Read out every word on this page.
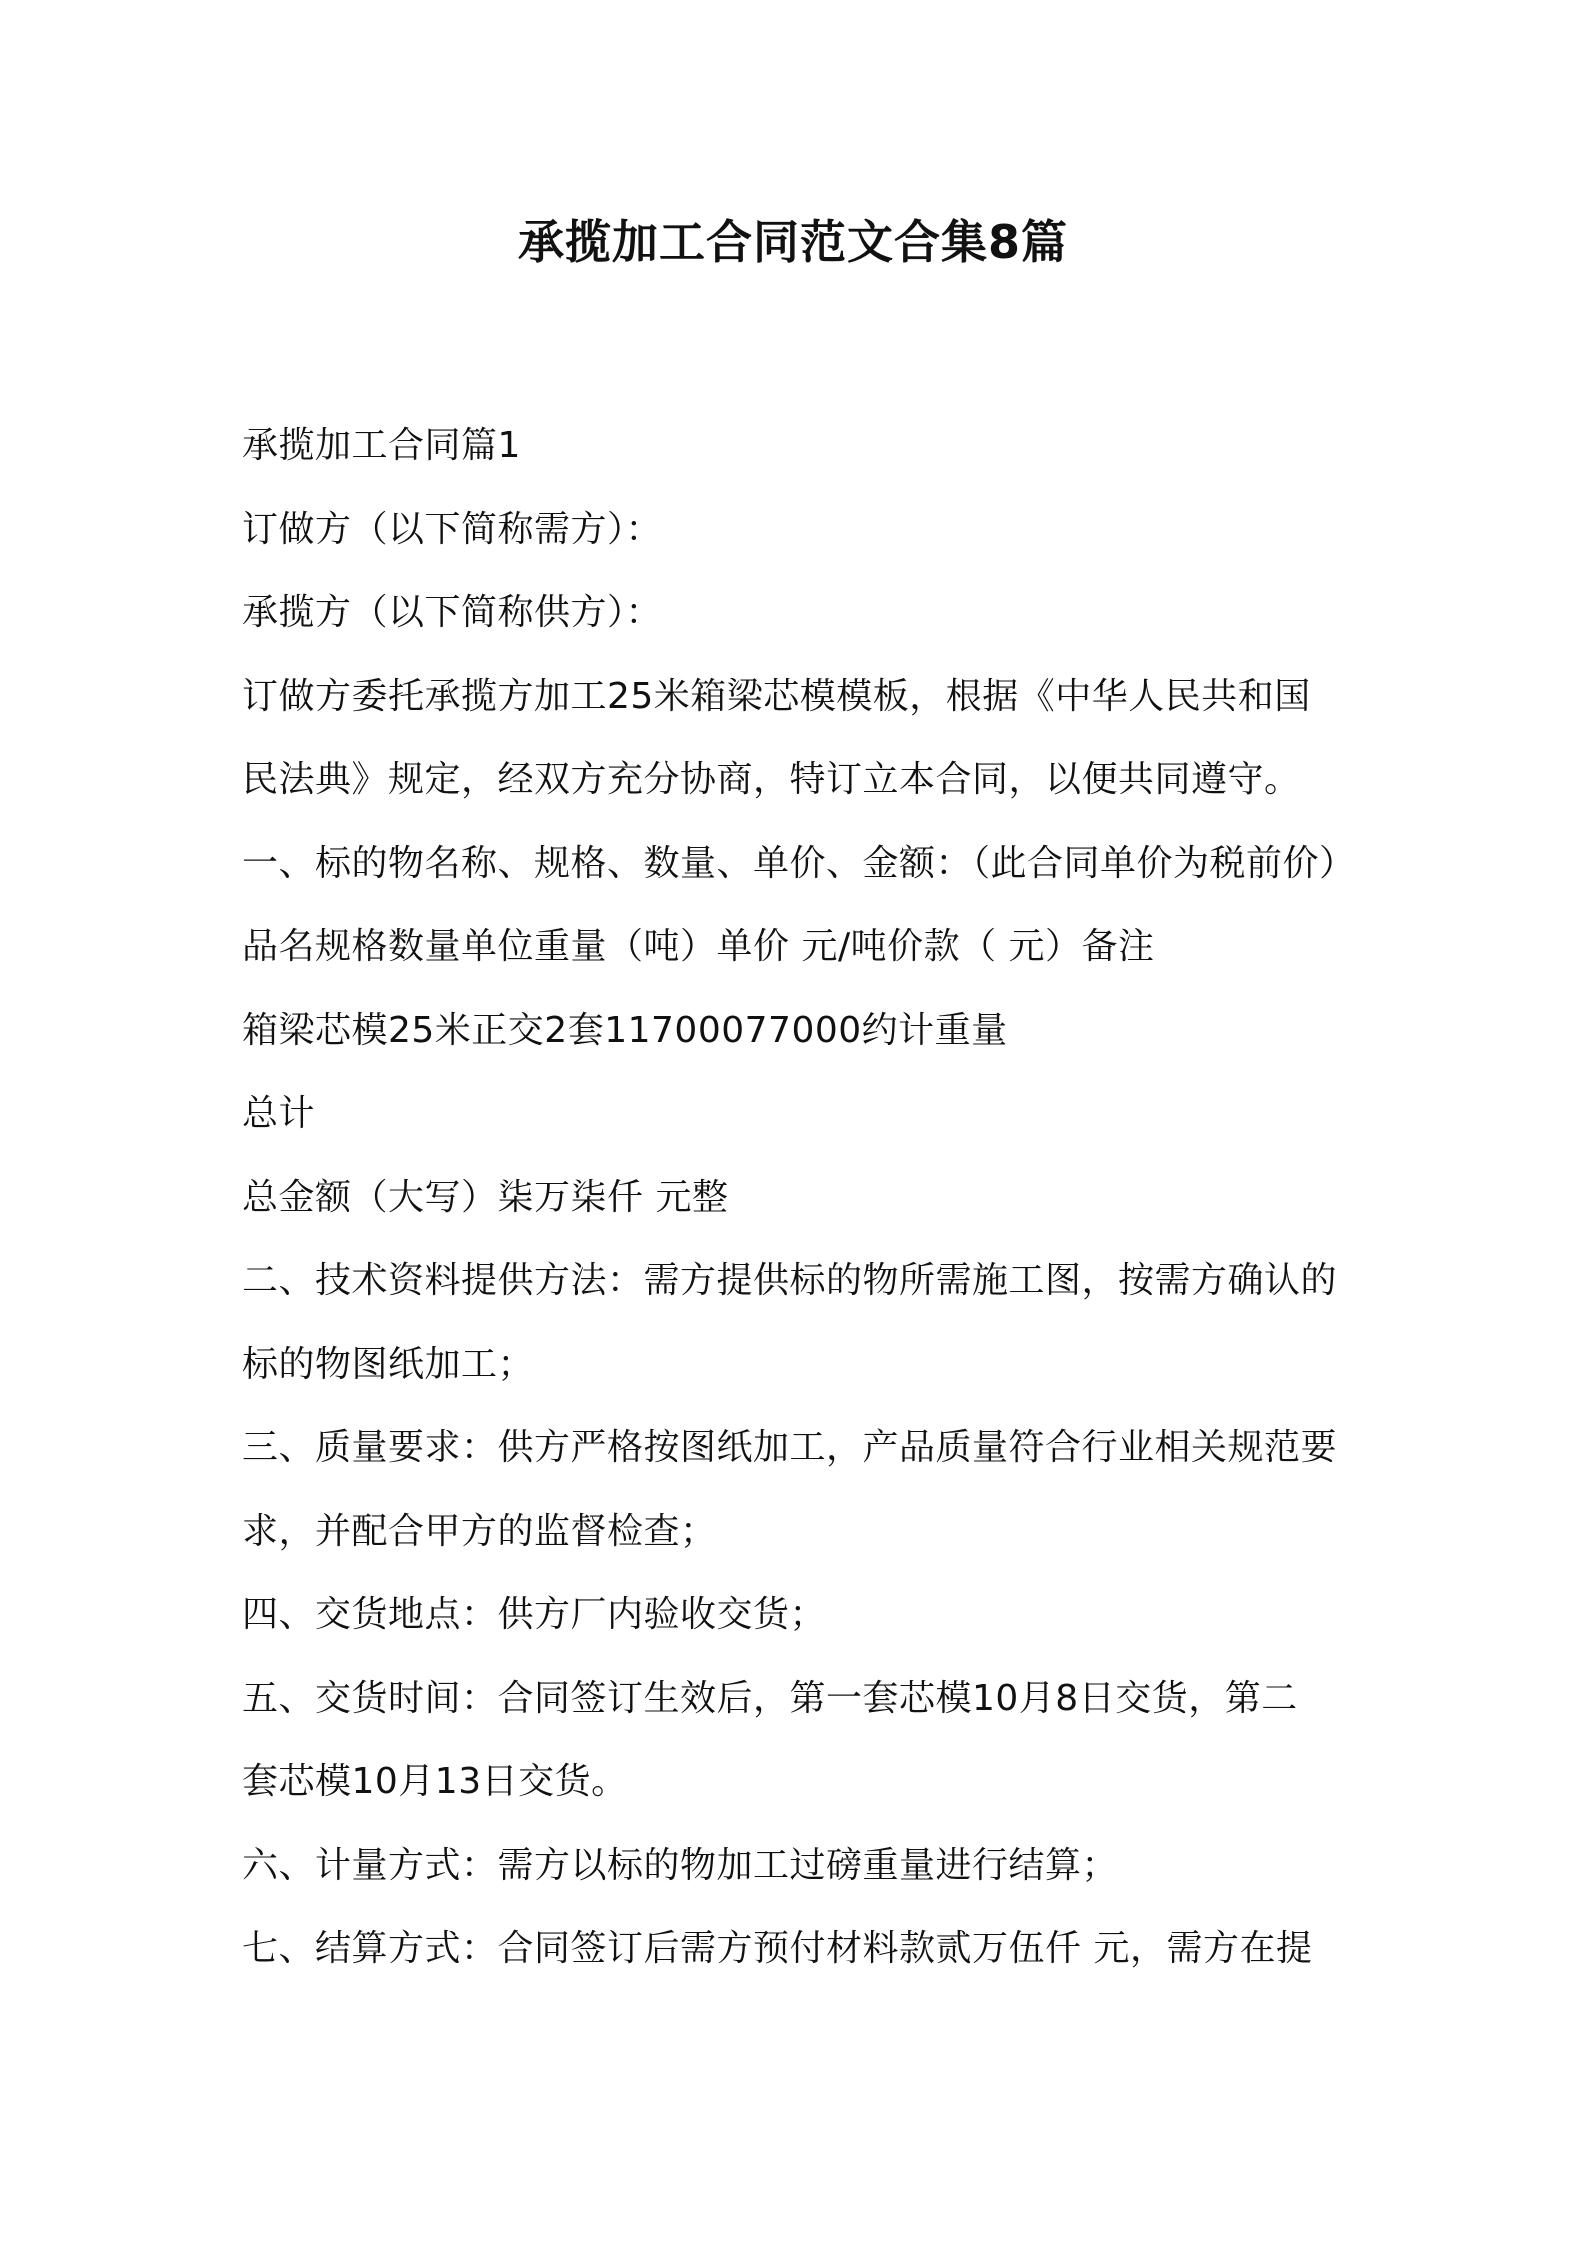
承揽加工合同范文合集8篇

承揽加工合同篇1

订做方（以下简称需方）：

承揽方（以下简称供方）：

订做方委托承揽方加工25米箱梁芯模模板，根据《中华人民共和国

民法典》规定，经双方充分协商，特订立本合同，以便共同遵守。

一、标的物名称、规格、数量、单价、金额：（此合同单价为税前价）

品名规格数量单位重量（吨）单价 元/吨价款（ 元）备注

箱梁芯模25米正交2套11700077000约计重量

总计

总金额（大写）柒万柒仟 元整

二、技术资料提供方法：需方提供标的物所需施工图，按需方确认的

标的物图纸加工；

三、质量要求：供方严格按图纸加工，产品质量符合行业相关规范要

求，并配合甲方的监督检查；

四、交货地点：供方厂内验收交货；

五、交货时间：合同签订生效后，第一套芯模10月8日交货，第二

套芯模10月13日交货。

六、计量方式：需方以标的物加工过磅重量进行结算；

七、结算方式：合同签订后需方预付材料款贰万伍仟 元，需方在提
